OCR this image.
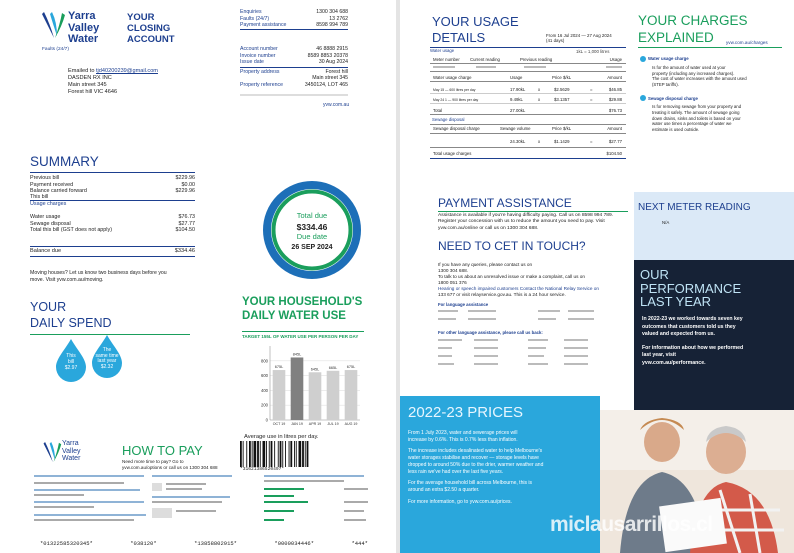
Yarra
Valley
Water
Faults (24/7)
YOUR
CLOSING
ACCOUNT
Enquiries	1300 304 688
Faults (24/7)	13 2762
Payment assistance	8598 994 789
Account number	46 8888 2915
Invoice number	8589 8853 20378
Issue date	30 Aug 2024
Property address	Forest hill
Main street 345
Property reference	3450124, LOT 465
yvw.com.au
Emailed to tjd40200239@gmail.com
DASDEN RX INC
Main street 345
Forest hill VIC 4646
SUMMARY
Previous bill	$229.96
Payment received	$0.00
Balance carried forward	$229.96
This bill
Usage charges
Water usage	$76.73
Sewage disposal	$27.77
Total this bill (GST does not apply)	$104.50
Balance due	$334.46
Moving houses? Let us know two business days before you
move. Visit yvw.com.au/moving.
Total due
$334.46
Due date
26 SEP 2024
YOUR
DAILY SPEND
This
bill
$2.97
The
same time
last year
$2.32
YOUR HOUSEHOLD'S
DAILY WATER USE
TARGET 155L OF WATER USE PER PERSON PER DAY
0
200
400
600
800
675L
OCT 19
845L
JAN 19
645L
APR 19
665L
JUL 19
675L
AUG 19
Average use in litres per day.
Yarra
Valley
Water
HOW TO PAY
Need more time to pay? Go to
yvw.com.au/options or call us on 1300 304 688	*31621386520497*
*01322585320345*	*038120*	*13858802915*	*0000034446*	*444*
YOUR USAGE
DETAILS	From 16 Jul 2024 — 27 Aug 2024
(41 days)
1kL = 1,000 litres
Water usage
Meter number Current reading	Previous reading	Usage
Water usage charge	Usage	Price $/kL	Amount
May 15 — 600 litres per day	17.90kL	x	$2.5629	=	$46.85
May 24 1 — 900 litres per day	9.49kL	x	$3.1357	=	$29.88
Total	27.00kL	$76.73
Sewage disposal
Sewage disposal charge	Sewage volume	Price $/kL	Amount
24.30kL	x	$1.1429	=	$27.77
Total usage charges	$104.50
YOUR CHARGES
EXPLAINED	yvw.com.au/charges
Water usage charge
Is for the amount of water used at your
property (including any increased charges).
The cost of water increases with the amount used
(STEP tariffs).
Sewage disposal charge
Is for removing sewage from your property and
treating it safely. The amount of sewage going
down drains, sinks and toilets is based on your
water use times a percentage of water we
estimate is used outside.
PAYMENT ASSISTANCE
Assistance is available if you're having difficulty paying. Call us on 8598 994 789.
Register your concession with us to reduce the amount you need to pay. Visit
yvw.com.au/online or call us on 1300 304 688.
NEED TO CET IN TOUCH?
If you have any queries, please contact us on
1300 304 688.
To talk to us about an unresolved issue or make a complaint, call us on
1800 051 376
Hearing or speech impaired customers Contact the National Relay Service on
133 677 or visit relayservice.gov.au. This is a 24 hour service.
For language assistance
For other language assistance, please call us back:
NEXT METER READING
N/A
OUR
PERFORMANCE
LAST YEAR
In 2022-23 we worked towards seven key
outcomes that customers told us they
valued and expected from us.
For information about how we performed
last year, visit
yvw.com.au/performance.
2022-23 PRICES
From 1 July 2023, water and sewerage prices will
increase by 0.6%. This is 0.7% less than inflation.
The increase includes desalinated water to help Melbourne's
water storages stabilise and recover — storage levels have
dropped to around 50% due to the drier, warmer weather and
less rain we've had over the last five years.
For the average household bill across Melbourne, this is
around an extra $2.50 a quarter.
For more information, go to yvw.com.au/prices.
miclausarrillos.cl
